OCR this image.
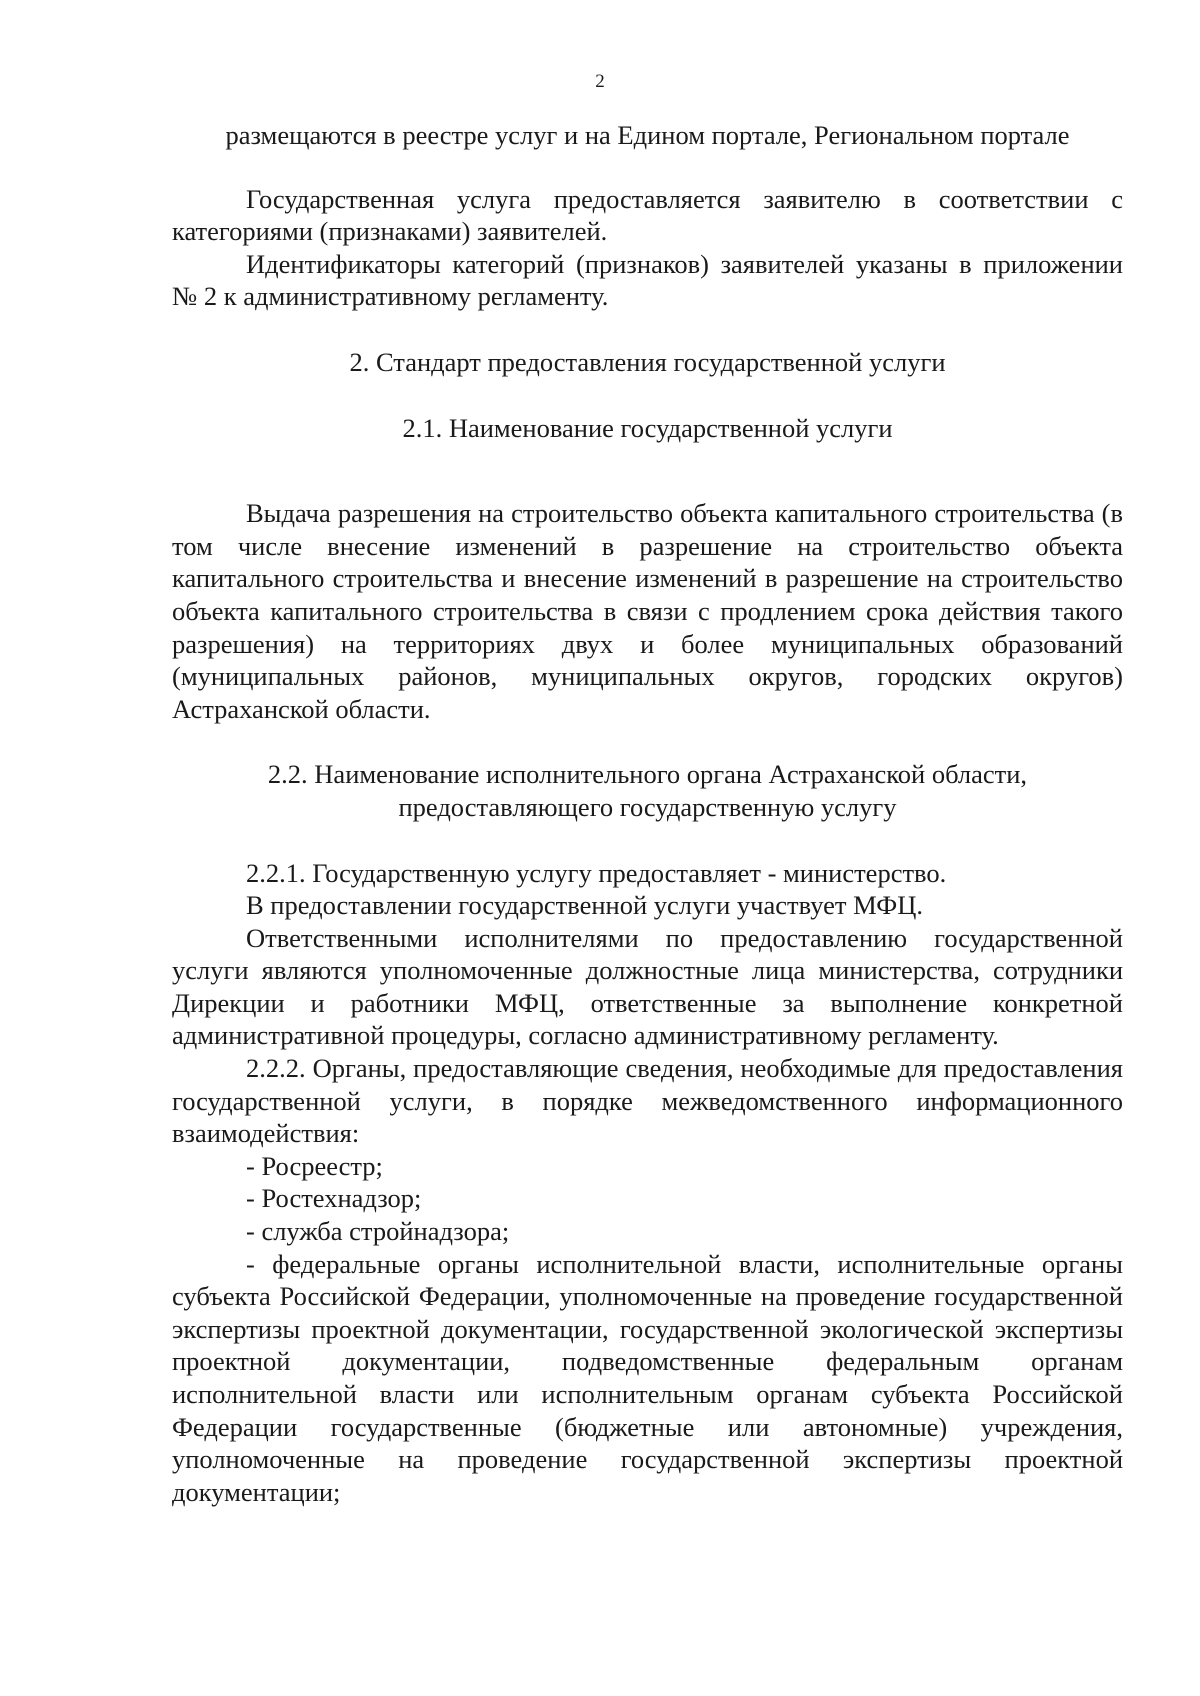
2

размещаются в реестре услуг и на Едином портале, Региональном портале

Государственная услуга предоставляется заявителю в соответствии с категориями (признаками) заявителей.

Идентификаторы категорий (признаков) заявителей указаны в приложении № 2 к административному регламенту.

2. Стандарт предоставления государственной услуги

2.1. Наименование государственной услуги

Выдача разрешения на строительство объекта капитального строительства (в том числе внесение изменений в разрешение на строительство объекта капитального строительства и внесение изменений в разрешение на строительство объекта капитального строительства в связи с продлением срока действия такого разрешения) на территориях двух и более муниципальных образований (муниципальных районов, муниципальных округов, городских округов) Астраханской области.

2.2. Наименование исполнительного органа Астраханской области,

предоставляющего государственную услугу

2.2.1. Государственную услугу предоставляет - министерство.

В предоставлении государственной услуги участвует МФЦ.

Ответственными исполнителями по предоставлению государственной услуги являются уполномоченные должностные лица министерства, сотрудники Дирекции и работники МФЦ, ответственные за выполнение конкретной административной процедуры, согласно административному регламенту.

2.2.2. Органы, предоставляющие сведения, необходимые для предоставления государственной услуги, в порядке межведомственного информационного взаимодействия:

- Росреестр;

- Ростехнадзор;

- служба стройнадзора;

- федеральные органы исполнительной власти, исполнительные органы субъекта Российской Федерации, уполномоченные на проведение государственной экспертизы проектной документации, государственной экологической экспертизы проектной документации, подведомственные федеральным органам исполнительной власти или исполнительным органам субъекта Российской Федерации государственные (бюджетные или автономные) учреждения, уполномоченные на проведение государственной экспертизы проектной документации;
